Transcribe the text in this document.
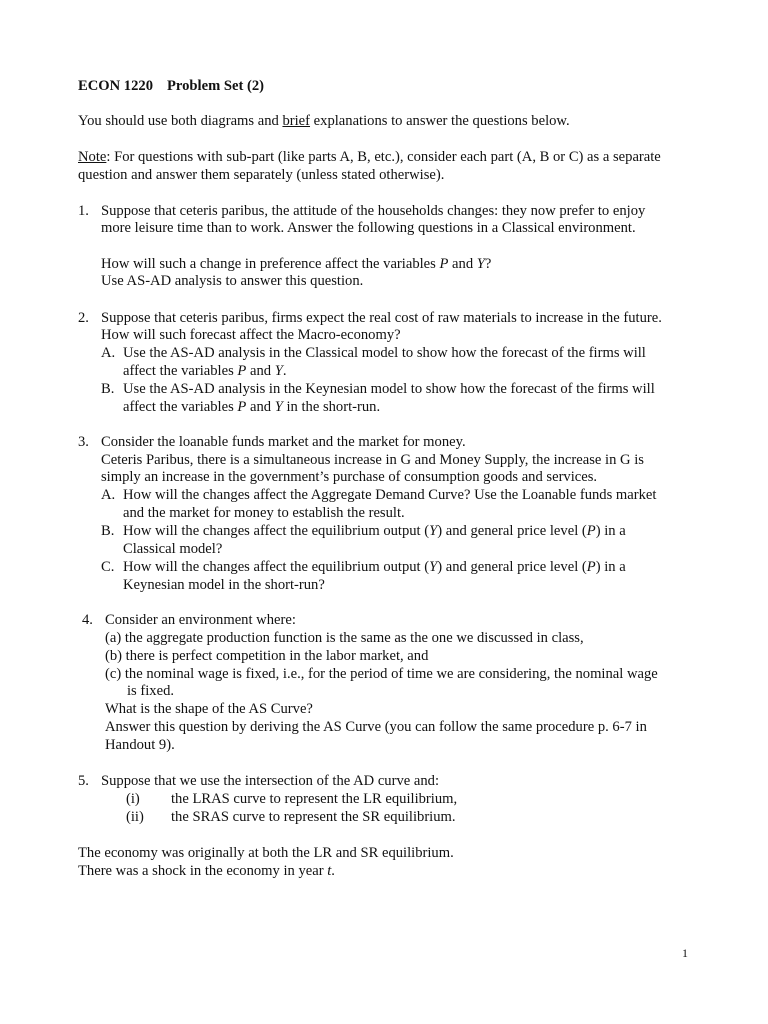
ECON 1220 Problem Set (2)
You should use both diagrams and brief explanations to answer the questions below.
Note: For questions with sub-part (like parts A, B, etc.), consider each part (A, B or C) as a separate
question and answer them separately (unless stated otherwise).
1. Suppose that ceteris paribus, the attitude of the households changes: they now prefer to enjoy
more leisure time than to work. Answer the following questions in a Classical environment.
How will such a change in preference affect the variables P and Y?
Use AS-AD analysis to answer this question.
2. Suppose that ceteris paribus, firms expect the real cost of raw materials to increase in the future.
How will such forecast affect the Macro-economy?
A. Use the AS-AD analysis in the Classical model to show how the forecast of the firms will
affect the variables P and Y.
B. Use the AS-AD analysis in the Keynesian model to show how the forecast of the firms will
affect the variables P and Y in the short-run.
3. Consider the loanable funds market and the market for money.
Ceteris Paribus, there is a simultaneous increase in G and Money Supply, the increase in G is
simply an increase in the government’s purchase of consumption goods and services.
A. How will the changes affect the Aggregate Demand Curve? Use the Loanable funds market
and the market for money to establish the result.
B. How will the changes affect the equilibrium output (Y) and general price level (P) in a
Classical model?
C. How will the changes affect the equilibrium output (Y) and general price level (P) in a
Keynesian model in the short-run?
4. Consider an environment where:
(a) the aggregate production function is the same as the one we discussed in class,
(b) there is perfect competition in the labor market, and
(c) the nominal wage is fixed, i.e., for the period of time we are considering, the nominal wage
is fixed.
What is the shape of the AS Curve?
Answer this question by deriving the AS Curve (you can follow the same procedure p. 6-7 in
Handout 9).
5. Suppose that we use the intersection of the AD curve and:
(i) the LRAS curve to represent the LR equilibrium,
(ii) the SRAS curve to represent the SR equilibrium.
The economy was originally at both the LR and SR equilibrium.
There was a shock in the economy in year t.
1
